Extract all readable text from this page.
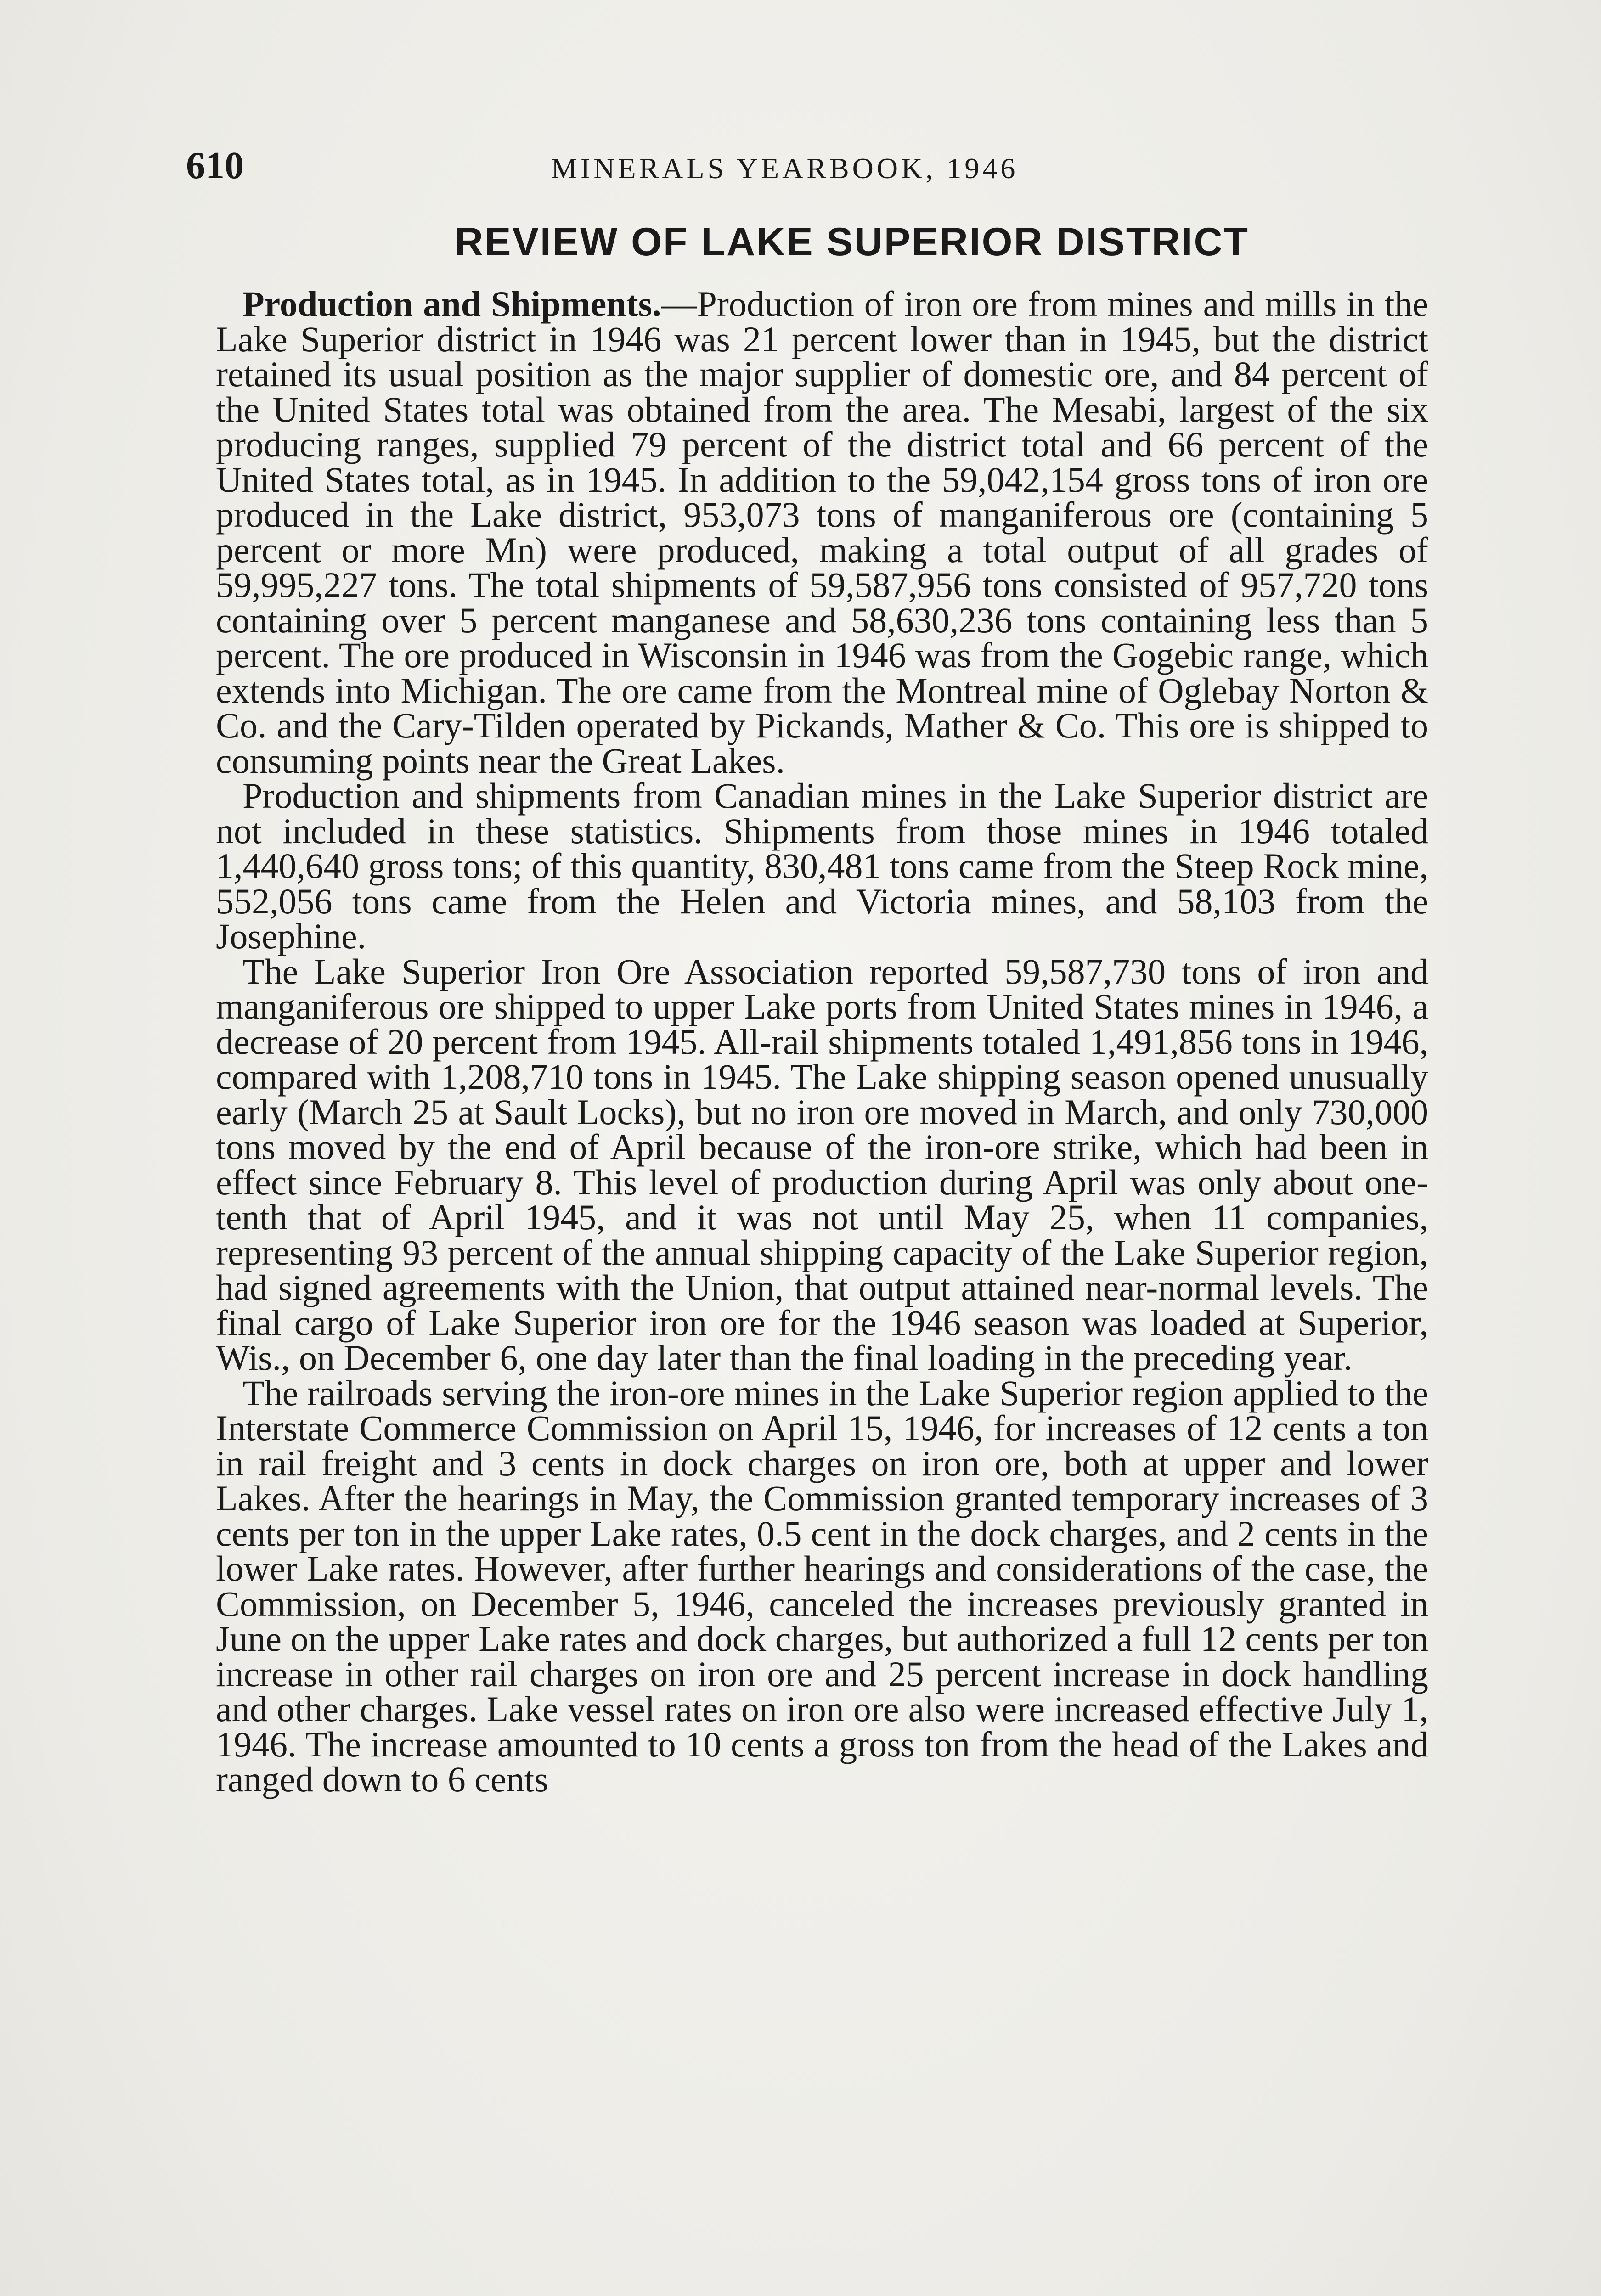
610	MINERALS YEARBOOK, 1946
REVIEW OF LAKE SUPERIOR DISTRICT

Production and Shipments.—Production of iron ore from mines and mills in the Lake Superior district in 1946 was 21 percent lower than in 1945, but the district retained its usual position as the major supplier of domestic ore, and 84 percent of the United States total was obtained from the area. The Mesabi, largest of the six producing ranges, supplied 79 percent of the district total and 66 percent of the United States total, as in 1945. In addition to the 59,042,154 gross tons of iron ore produced in the Lake district, 953,073 tons of manganiferous ore (containing 5 percent or more Mn) were produced, making a total output of all grades of 59,995,227 tons. The total shipments of 59,587,956 tons consisted of 957,720 tons containing over 5 percent manganese and 58,630,236 tons containing less than 5 percent. The ore produced in Wisconsin in 1946 was from the Gogebic range, which extends into Michigan. The ore came from the Montreal mine of Oglebay Norton & Co. and the Cary-Tilden operated by Pickands, Mather & Co. This ore is shipped to consuming points near the Great Lakes.

Production and shipments from Canadian mines in the Lake Superior district are not included in these statistics. Shipments from those mines in 1946 totaled 1,440,640 gross tons; of this quantity, 830,481 tons came from the Steep Rock mine, 552,056 tons came from the Helen and Victoria mines, and 58,103 from the Josephine.

The Lake Superior Iron Ore Association reported 59,587,730 tons of iron and manganiferous ore shipped to upper Lake ports from United States mines in 1946, a decrease of 20 percent from 1945. All-rail shipments totaled 1,491,856 tons in 1946, compared with 1,208,710 tons in 1945. The Lake shipping season opened unusually early (March 25 at Sault Locks), but no iron ore moved in March, and only 730,000 tons moved by the end of April because of the iron-ore strike, which had been in effect since February 8. This level of production during April was only about one-tenth that of April 1945, and it was not until May 25, when 11 companies, representing 93 percent of the annual shipping capacity of the Lake Superior region, had signed agreements with the Union, that output attained near-normal levels. The final cargo of Lake Superior iron ore for the 1946 season was loaded at Superior, Wis., on December 6, one day later than the final loading in the preceding year.

The railroads serving the iron-ore mines in the Lake Superior region applied to the Interstate Commerce Commission on April 15, 1946, for increases of 12 cents a ton in rail freight and 3 cents in dock charges on iron ore, both at upper and lower Lakes. After the hearings in May, the Commission granted temporary increases of 3 cents per ton in the upper Lake rates, 0.5 cent in the dock charges, and 2 cents in the lower Lake rates. However, after further hearings and considerations of the case, the Commission, on December 5, 1946, canceled the increases previously granted in June on the upper Lake rates and dock charges, but authorized a full 12 cents per ton increase in other rail charges on iron ore and 25 percent increase in dock handling and other charges. Lake vessel rates on iron ore also were increased effective July 1, 1946. The increase amounted to 10 cents a gross ton from the head of the Lakes and ranged down to 6 cents
